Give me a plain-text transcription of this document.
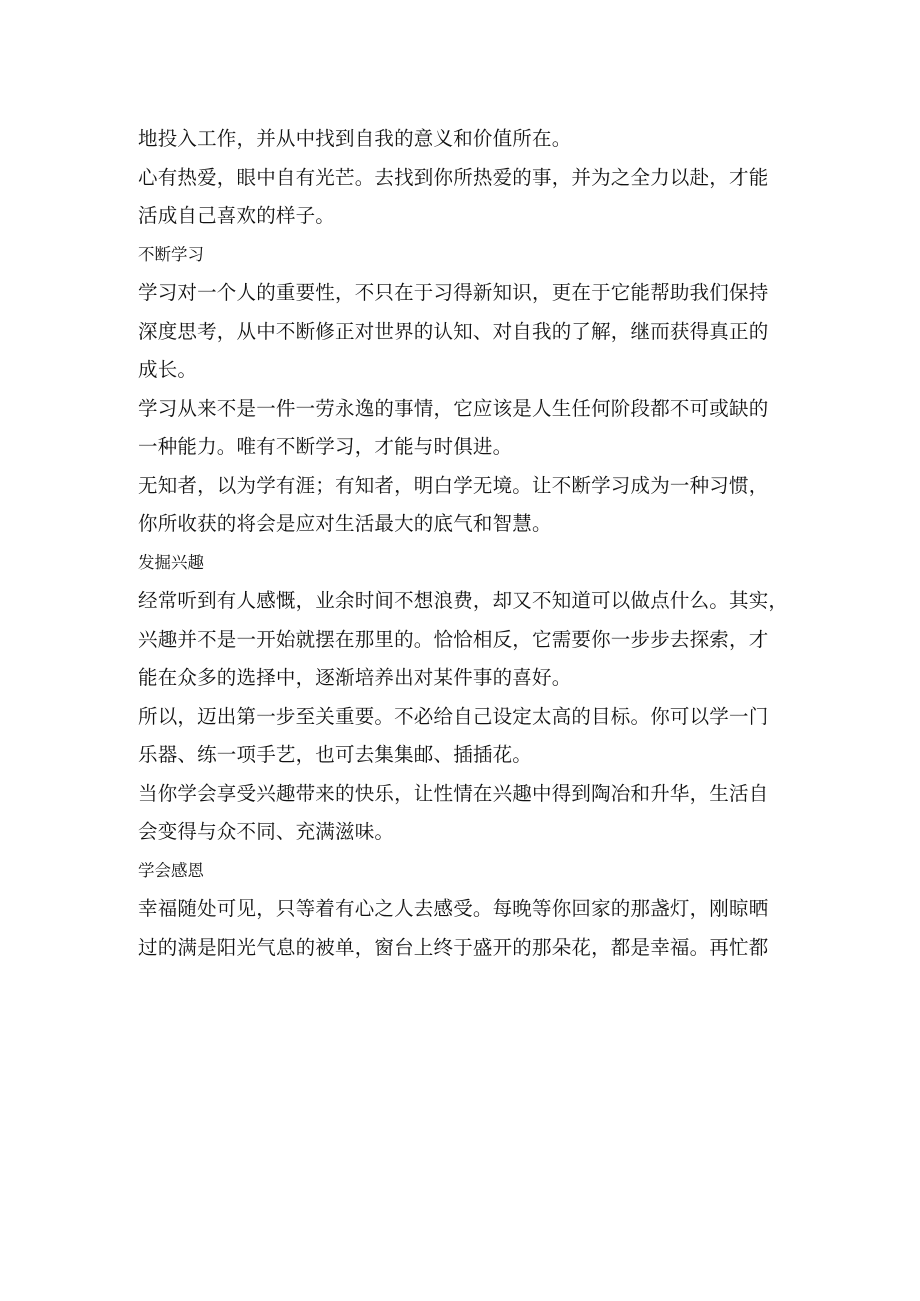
地投入工作，并从中找到自我的意义和价值所在。

心有热爱，眼中自有光芒。去找到你所热爱的事，并为之全力以赴，才能
活成自己喜欢的样子。

不断学习

学习对一个人的重要性，不只在于习得新知识，更在于它能帮助我们保持
深度思考，从中不断修正对世界的认知、对自我的了解，继而获得真正的
成长。

学习从来不是一件一劳永逸的事情，它应该是人生任何阶段都不可或缺的
一种能力。唯有不断学习，才能与时俱进。

无知者，以为学有涯；有知者，明白学无境。让不断学习成为一种习惯，
你所收获的将会是应对生活最大的底气和智慧。

发掘兴趣

经常听到有人感慨，业余时间不想浪费，却又不知道可以做点什么。其实，
兴趣并不是一开始就摆在那里的。恰恰相反，它需要你一步步去探索，才
能在众多的选择中，逐渐培养出对某件事的喜好。

所以，迈出第一步至关重要。不必给自己设定太高的目标。你可以学一门
乐器、练一项手艺，也可去集集邮、插插花。

当你学会享受兴趣带来的快乐，让性情在兴趣中得到陶冶和升华，生活自
会变得与众不同、充满滋味。

学会感恩

幸福随处可见，只等着有心之人去感受。每晚等你回家的那盏灯，刚晾晒
过的满是阳光气息的被单，窗台上终于盛开的那朵花，都是幸福。再忙都
